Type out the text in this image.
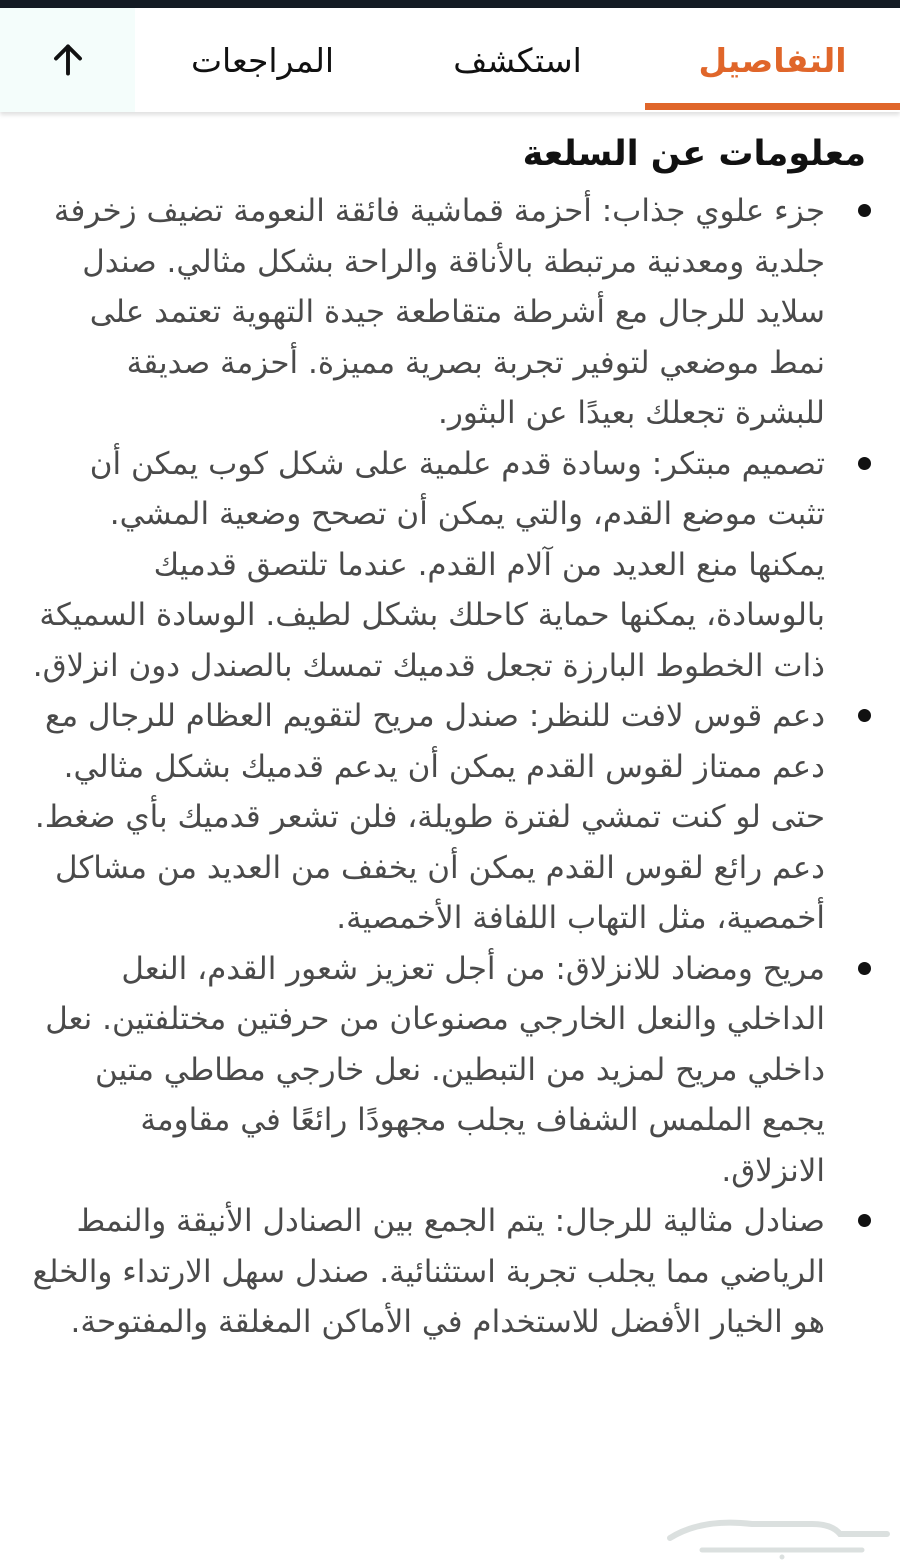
المراجعات	استكشف	التفاصيل
معلومات عن السلعة
جزء علوي جذاب: أحزمة قماشية فائقة النعومة تضيف زخرفة جلدية ومعدنية مرتبطة بالأناقة والراحة بشكل مثالي. صندل سلايد للرجال مع أشرطة متقاطعة جيدة التهوية تعتمد على نمط موضعي لتوفير تجربة بصرية مميزة. أحزمة صديقة للبشرة تجعلك بعيدًا عن البثور.
تصميم مبتكر: وسادة قدم علمية على شكل كوب يمكن أن تثبت موضع القدم، والتي يمكن أن تصحح وضعية المشي. يمكنها منع العديد من آلام القدم. عندما تلتصق قدميك بالوسادة، يمكنها حماية كاحلك بشكل لطيف. الوسادة السميكة ذات الخطوط البارزة تجعل قدميك تمسك بالصندل دون انزلاق.
دعم قوس لافت للنظر: صندل مريح لتقويم العظام للرجال مع دعم ممتاز لقوس القدم يمكن أن يدعم قدميك بشكل مثالي. حتى لو كنت تمشي لفترة طويلة، فلن تشعر قدميك بأي ضغط. دعم رائع لقوس القدم يمكن أن يخفف من العديد من مشاكل أخمصية، مثل التهاب اللفافة الأخمصية.
مريح ومضاد للانزلاق: من أجل تعزيز شعور القدم، النعل الداخلي والنعل الخارجي مصنوعان من حرفتين مختلفتين. نعل داخلي مريح لمزيد من التبطين. نعل خارجي مطاطي متين يجمع الملمس الشفاف يجلب مجهودًا رائعًا في مقاومة الانزلاق.
صنادل مثالية للرجال: يتم الجمع بين الصنادل الأنيقة والنمط الرياضي مما يجلب تجربة استثنائية. صندل سهل الارتداء والخلع هو الخيار الأفضل للاستخدام في الأماكن المغلقة والمفتوحة.
